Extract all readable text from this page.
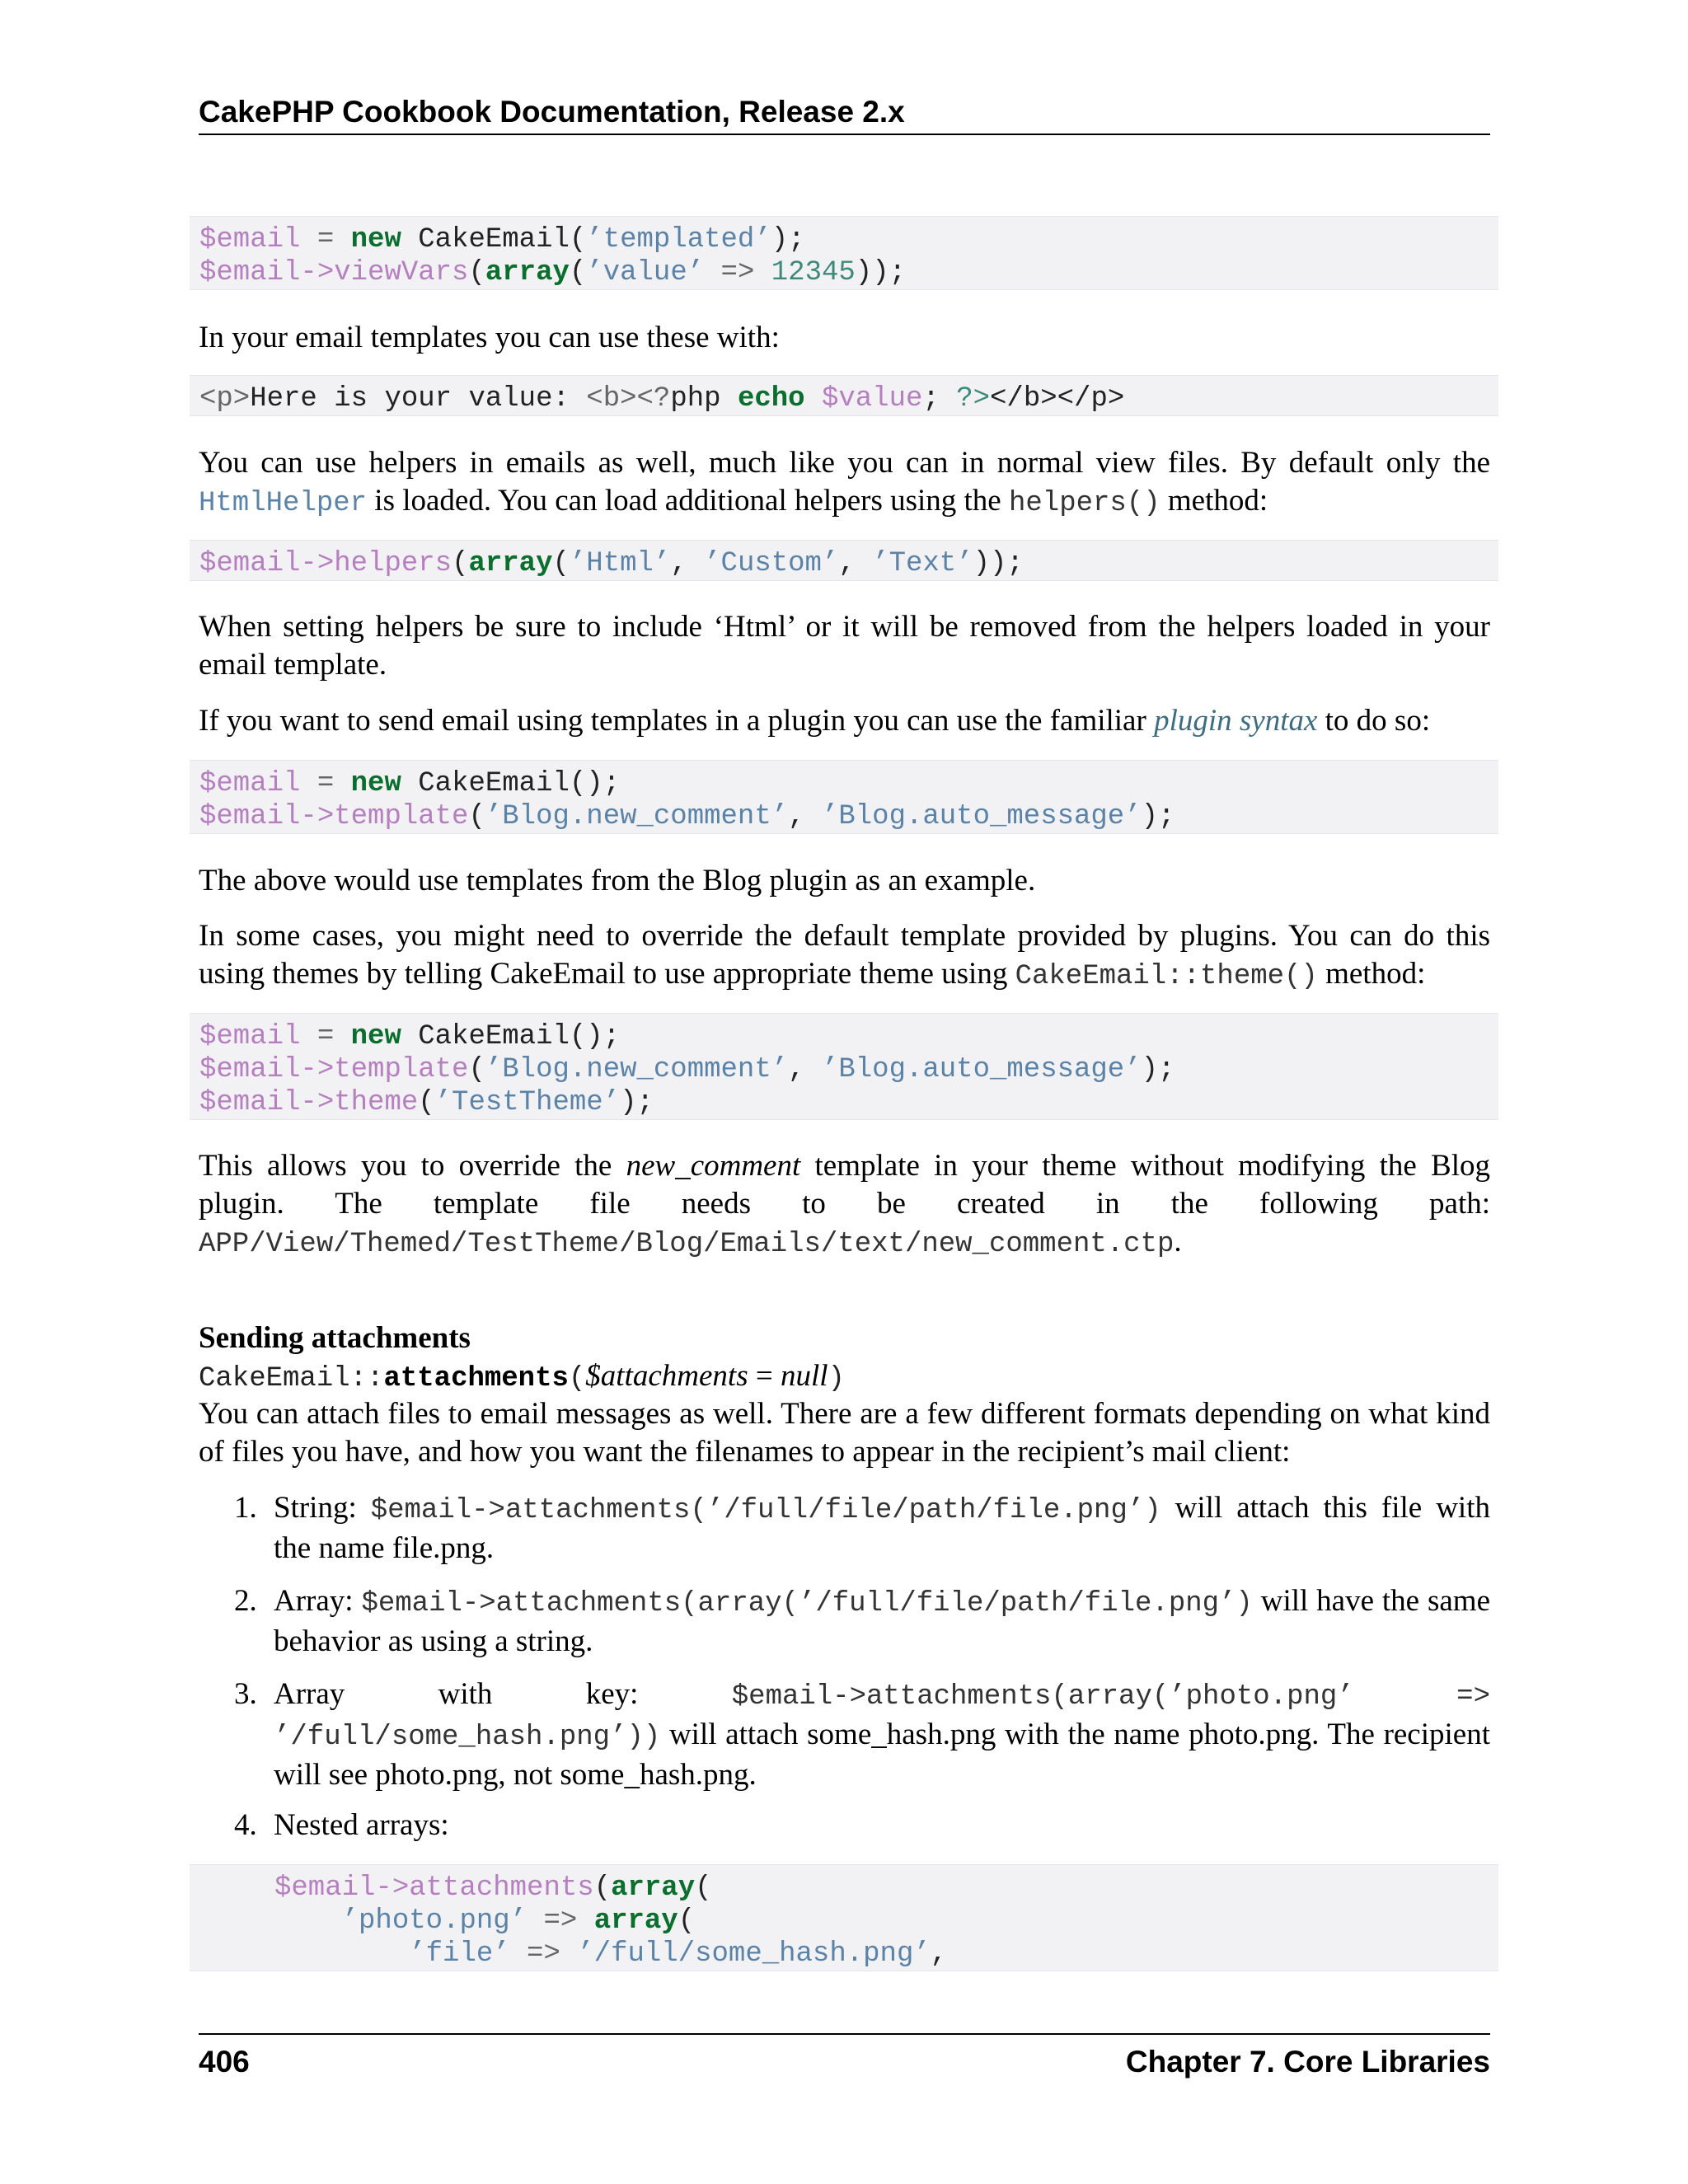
CakePHP Cookbook Documentation, Release 2.x
$email = new CakeEmail(’templated’);
$email->viewVars(array(’value’ => 12345));
In your email templates you can use these with:
<p>Here is your value: <b><?php echo $value; ?></b></p>
You can use helpers in emails as well, much like you can in normal view files. By default only the HtmlHelper is loaded. You can load additional helpers using the helpers() method:
$email->helpers(array(’Html’, ’Custom’, ’Text’));
When setting helpers be sure to include ‘Html’ or it will be removed from the helpers loaded in your email template.
If you want to send email using templates in a plugin you can use the familiar plugin syntax to do so:
$email = new CakeEmail();
$email->template(’Blog.new_comment’, ’Blog.auto_message’);
The above would use templates from the Blog plugin as an example.
In some cases, you might need to override the default template provided by plugins. You can do this using themes by telling CakeEmail to use appropriate theme using CakeEmail::theme() method:
$email = new CakeEmail();
$email->template(’Blog.new_comment’, ’Blog.auto_message’);
$email->theme(’TestTheme’);
This allows you to override the new_comment template in your theme without modifying the Blog plugin. The template file needs to be created in the following path: APP/View/Themed/TestTheme/Blog/Emails/text/new_comment.ctp.
Sending attachments
CakeEmail::attachments($attachments = null)
You can attach files to email messages as well. There are a few different formats depending on what kind of files you have, and how you want the filenames to appear in the recipient’s mail client:
1. String: $email->attachments(’/full/file/path/file.png’) will attach this file with the name file.png.
2. Array: $email->attachments(array(’/full/file/path/file.png’) will have the same behavior as using a string.
3. Array with key: $email->attachments(array(’photo.png’ => ’/full/some_hash.png’)) will attach some_hash.png with the name photo.png. The recipient will see photo.png, not some_hash.png.
4. Nested arrays:
$email->attachments(array(
’photo.png’ => array(
’file’ => ’/full/some_hash.png’,
406	Chapter 7. Core Libraries
